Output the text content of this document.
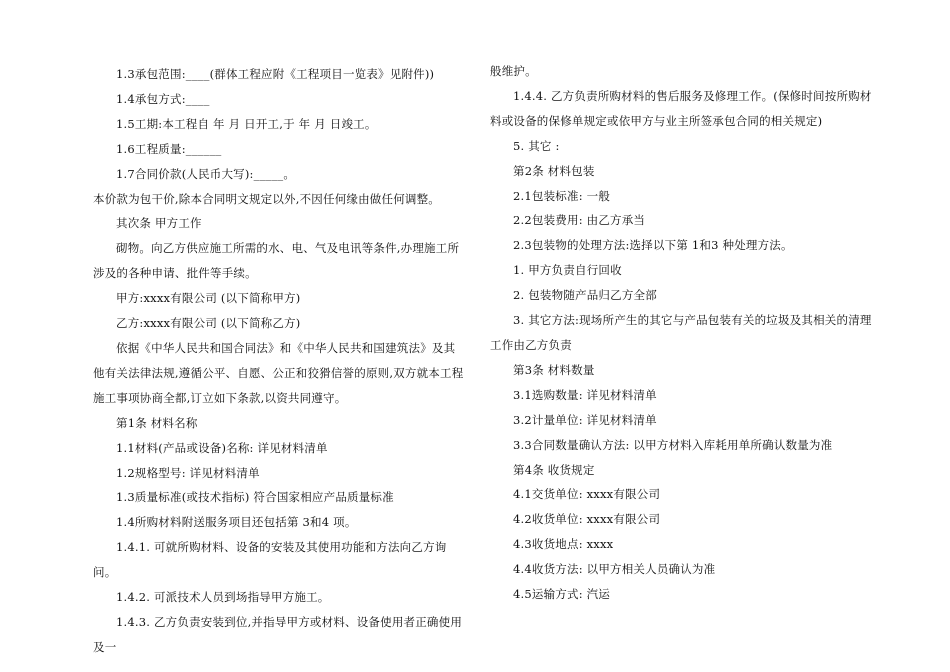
1.3承包范围:____(群体工程应附《工程项目一览表》见附件))

1.4承包方式:____

1.5工期:本工程自 年 月 日开工,于 年 月 日竣工。

1.6工程质量:______

1.7合同价款(人民币大写):_____。

本价款为包干价,除本合同明文规定以外,不因任何缘由做任何调整。

其次条 甲方工作

砌物。向乙方供应施工所需的水、电、气及电讯等条件,办理施工所涉及的各种申请、批件等手续。

甲方:xxxx有限公司 (以下简称甲方)

乙方:xxxx有限公司 (以下简称乙方)

依据《中华人民共和国合同法》和《中华人民共和国建筑法》及其他有关法律法规,遵循公平、自愿、公正和狡猾信誉的原则,双方就本工程施工事项协商全都,订立如下条款,以资共同遵守。

第1条 材料名称

1.1材料(产品或设备)名称: 详见材料清单

1.2规格型号: 详见材料清单

1.3质量标准(或技术指标) 符合国家相应产品质量标准

1.4所购材料附送服务项目还包括第 3和4 项。

1.4.1. 可就所购材料、设备的安装及其使用功能和方法向乙方询问。

1.4.2. 可派技术人员到场指导甲方施工。

1.4.3. 乙方负责安装到位,并指导甲方或材料、设备使用者正确使用及一

般维护。

1.4.4. 乙方负责所购材料的售后服务及修理工作。(保修时间按所购材料或设备的保修单规定或依甲方与业主所签承包合同的相关规定)

5. 其它 :

第2条 材料包装

2.1包装标准: 一般

2.2包装费用: 由乙方承当

2.3包装物的处理方法:选择以下第 1和3 种处理方法。

1. 甲方负责自行回收

2. 包装物随产品归乙方全部

3. 其它方法:现场所产生的其它与产品包装有关的垃圾及其相关的清理工作由乙方负责

第3条 材料数量

3.1选购数量: 详见材料清单

3.2计量单位: 详见材料清单

3.3合同数量确认方法: 以甲方材料入库耗用单所确认数量为准

第4条 收货规定

4.1交货单位: xxxx有限公司

4.2收货单位: xxxx有限公司

4.3收货地点: xxxx

4.4收货方法: 以甲方相关人员确认为准

4.5运输方式: 汽运
